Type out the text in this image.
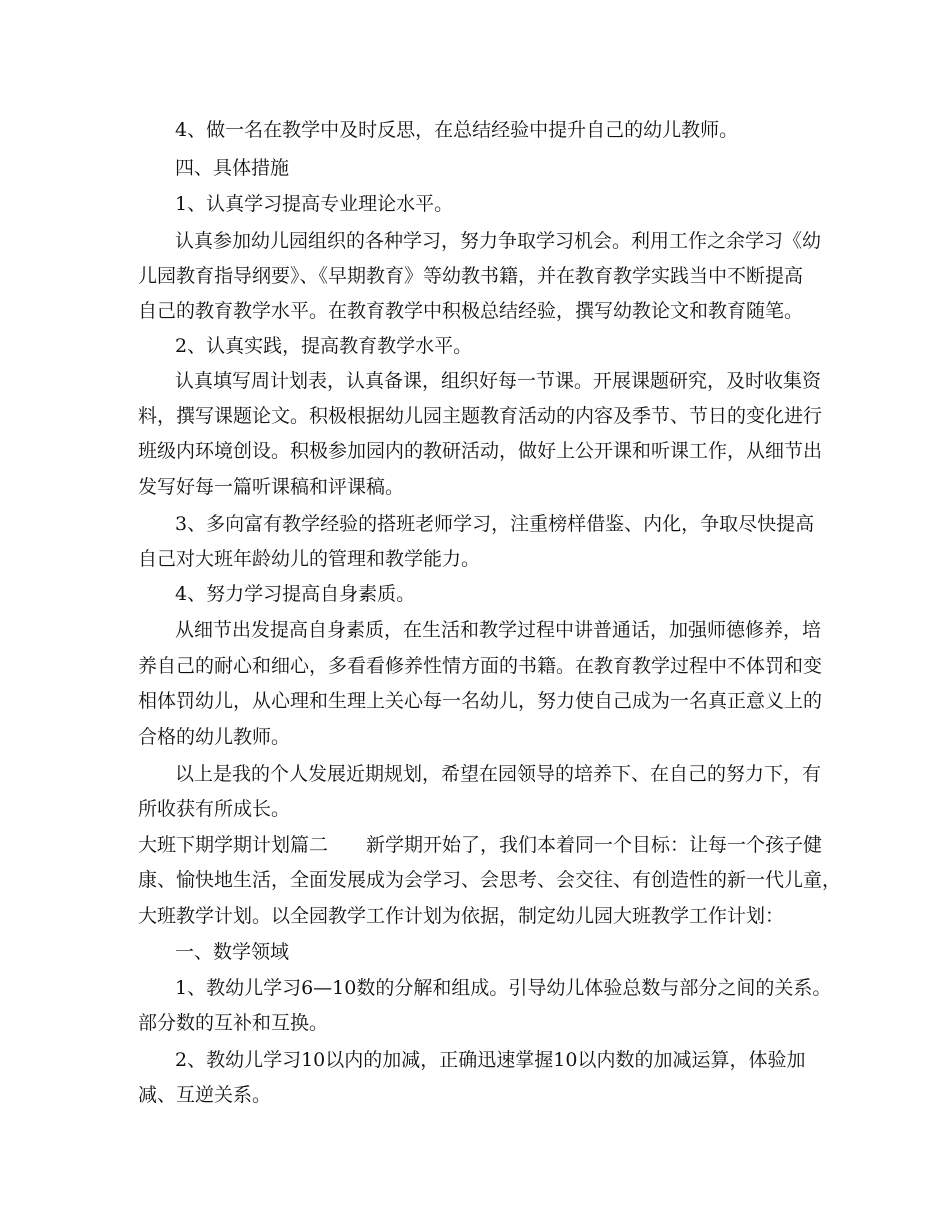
4、做一名在教学中及时反思，在总结经验中提升自己的幼儿教师。
四、具体措施
1、认真学习提高专业理论水平。
认真参加幼儿园组织的各种学习，努力争取学习机会。利用工作之余学习《幼
儿园教育指导纲要》、《早期教育》等幼教书籍，并在教育教学实践当中不断提高
自己的教育教学水平。在教育教学中积极总结经验，撰写幼教论文和教育随笔。
2、认真实践，提高教育教学水平。
认真填写周计划表，认真备课，组织好每一节课。开展课题研究，及时收集资
料，撰写课题论文。积极根据幼儿园主题教育活动的内容及季节、节日的变化进行
班级内环境创设。积极参加园内的教研活动，做好上公开课和听课工作，从细节出
发写好每一篇听课稿和评课稿。
3、多向富有教学经验的搭班老师学习，注重榜样借鉴、内化，争取尽快提高
自己对大班年龄幼儿的管理和教学能力。
4、努力学习提高自身素质。
从细节出发提高自身素质，在生活和教学过程中讲普通话，加强师德修养，培
养自己的耐心和细心，多看看修养性情方面的书籍。在教育教学过程中不体罚和变
相体罚幼儿，从心理和生理上关心每一名幼儿，努力使自己成为一名真正意义上的
合格的幼儿教师。
以上是我的个人发展近期规划，希望在园领导的培养下、在自己的努力下，有
所收获有所成长。
大班下期学期计划篇二　　新学期开始了，我们本着同一个目标：让每一个孩子健
康、愉快地生活，全面发展成为会学习、会思考、会交往、有创造性的新一代儿童，
大班教学计划。以全园教学工作计划为依据，制定幼儿园大班教学工作计划：
一、数学领域
1、教幼儿学习6—10数的分解和组成。引导幼儿体验总数与部分之间的关系。
部分数的互补和互换。
2、教幼儿学习10以内的加减，正确迅速掌握10以内数的加减运算，体验加
减、互逆关系。
